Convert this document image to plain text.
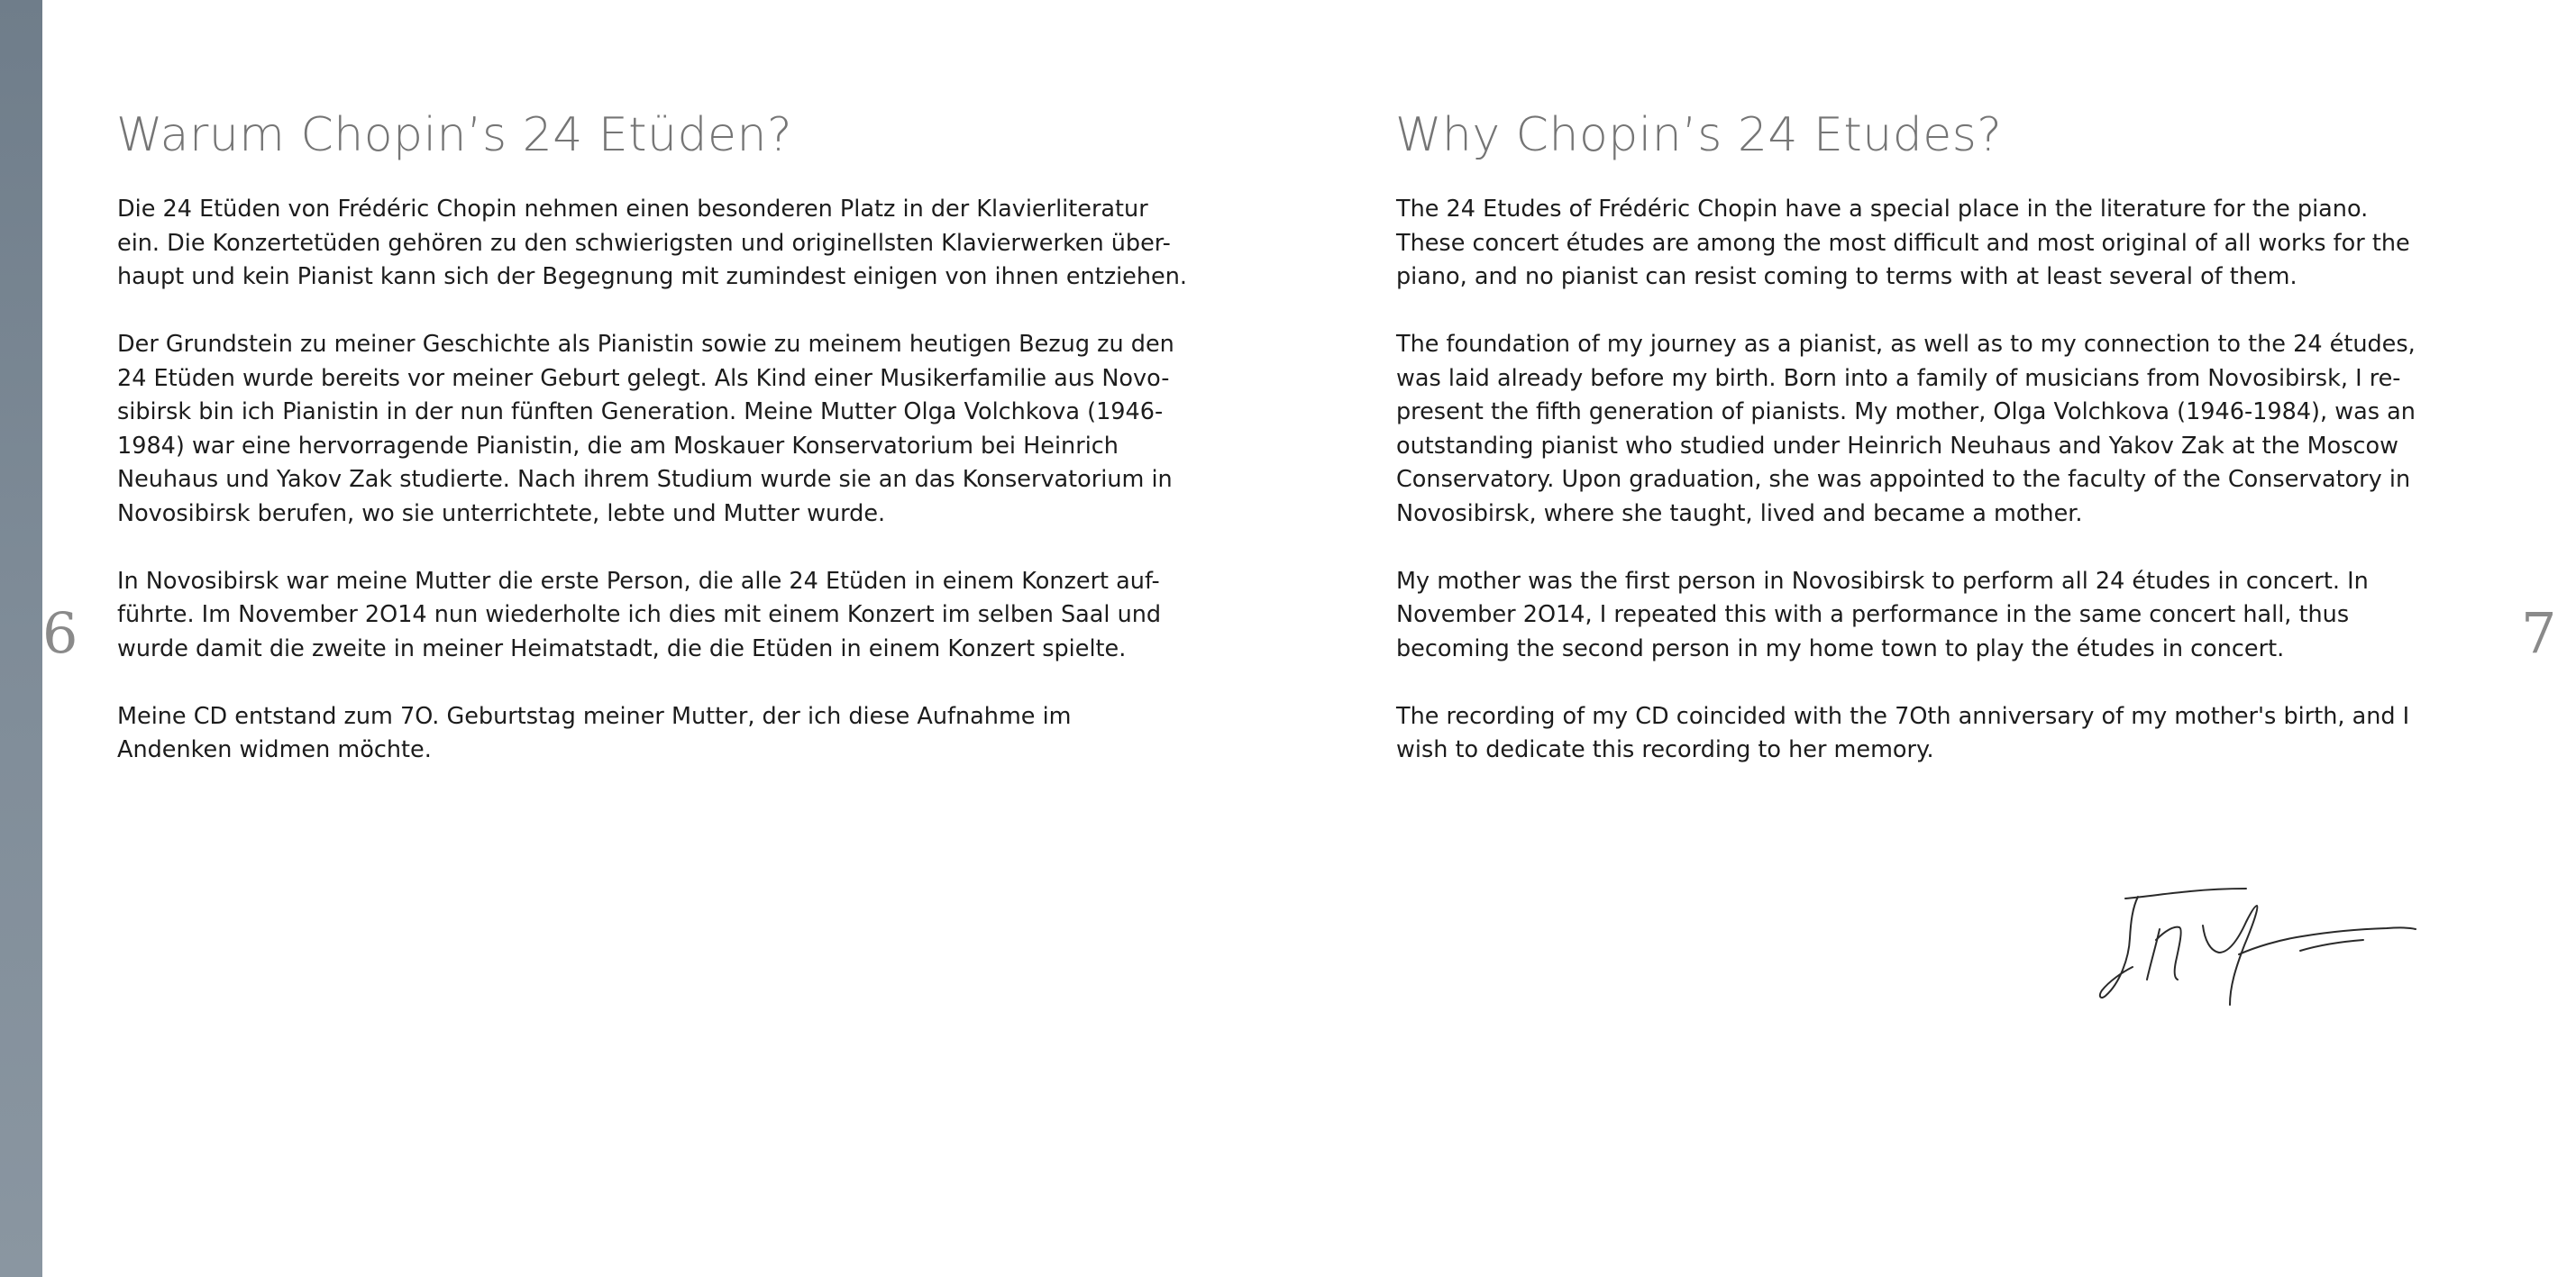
Warum Chopin’s 24 Etüden?

Die 24 Etüden von Frédéric Chopin nehmen einen besonderen Platz in der Klavierliteratur
ein. Die Konzertetüden gehören zu den schwierigsten und originellsten Klavierwerken über-
haupt und kein Pianist kann sich der Begegnung mit zumindest einigen von ihnen entziehen.

Der Grundstein zu meiner Geschichte als Pianistin sowie zu meinem heutigen Bezug zu den
24 Etüden wurde bereits vor meiner Geburt gelegt. Als Kind einer Musikerfamilie aus Novo-
sibirsk bin ich Pianistin in der nun fünften Generation. Meine Mutter Olga Volchkova (1946-
1984) war eine hervorragende Pianistin, die am Moskauer Konservatorium bei Heinrich
Neuhaus und Yakov Zak studierte. Nach ihrem Studium wurde sie an das Konservatorium in
Novosibirsk berufen, wo sie unterrichtete, lebte und Mutter wurde.

In Novosibirsk war meine Mutter die erste Person, die alle 24 Etüden in einem Konzert auf-
führte. Im November 2O14 nun wiederholte ich dies mit einem Konzert im selben Saal und
wurde damit die zweite in meiner Heimatstadt, die die Etüden in einem Konzert spielte.

Meine CD entstand zum 7O. Geburtstag meiner Mutter, der ich diese Aufnahme im
Andenken widmen möchte.

6
Why Chopin’s 24 Etudes?

The 24 Etudes of Frédéric Chopin have a special place in the literature for the piano.
These concert études are among the most difficult and most original of all works for the
piano, and no pianist can resist coming to terms with at least several of them.

The foundation of my journey as a pianist, as well as to my connection to the 24 études,
was laid already before my birth. Born into a family of musicians from Novosibirsk, I re-
present the fifth generation of pianists. My mother, Olga Volchkova (1946-1984), was an
outstanding pianist who studied under Heinrich Neuhaus and Yakov Zak at the Moscow
Conservatory. Upon graduation, she was appointed to the faculty of the Conservatory in
Novosibirsk, where she taught, lived and became a mother.

My mother was the first person in Novosibirsk to perform all 24 études in concert. In
November 2O14, I repeated this with a performance in the same concert hall, thus
becoming the second person in my home town to play the études in concert.

The recording of my CD coincided with the 7Oth anniversary of my mother's birth, and I
wish to dedicate this recording to her memory.

7
